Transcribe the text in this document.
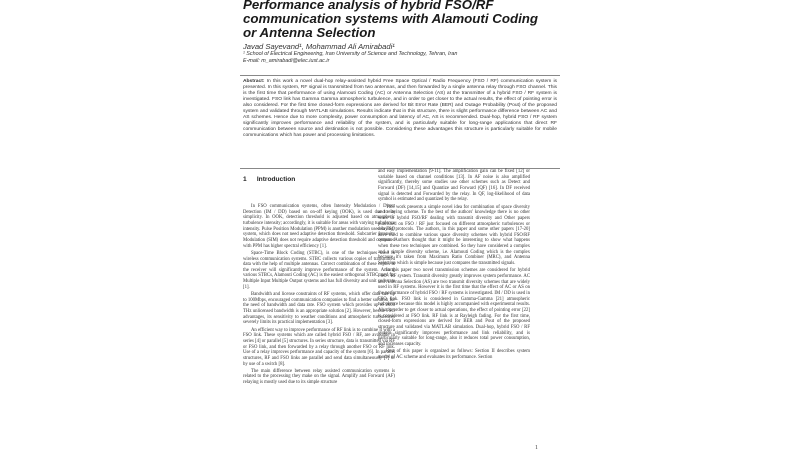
Performance analysis of hybrid FSO/RF communication systems with Alamouti Coding or Antenna Selection
Javad Sayevand¹, Mohammad Ali Amirabadi¹
¹ School of Electrical Engineering, Iran University of Science and Technology, Tehran, Iran
E-mail: m_amirabadi@elec.iust.ac.ir
Abstract: In this work a novel dual-hop relay-assisted hybrid Free Space Optical / Radio Frequency (FSO / RF) communication system is presented. In this system, RF signal is transmitted from two antennas, and then forwarded by a single antenna relay through FSO channel. This is the first time that performance of using Alamouti Coding (AC) or Antenna Selection (AS) at the transmitter of a hybrid FSO / RF system is investigated. FSO link has Gamma Gamma atmospheric turbulence, and in order to get closer to the actual results, the effect of pointing error is also considered. For the first time closed-form expressions are derived for Bit Error Rate (BER) and Outage Probability (Pout) of the proposed system and validated through MATLAB simulations. Results indicate that in this structure, there is slight performance difference between AC and AS schemes. Hence due to more complexity, power consumption and latency of AC, AS is recommended. Dual-hop, hybrid FSO / RF system significantly improves performance and reliability of the system, and is particularly suitable for long-range applications that direct RF communication between source and destination is not possible. Considering these advantages this structure is particularly suitable for mobile communications which has power and processing limitations.
1 Introduction

In FSO communication systems, often Intensity Modulation / Direct Detection (IM / DD) based on on-off keying (OOK), is used due to its simplicity. In OOK, detection threshold is adjusted based on atmospheric turbulence intensity; accordingly, it is suitable for areas with varying turbulence intensity. Pulse Position Modulation (PPM) is another modulation used in FSO system, which does not need adaptive detection threshold. Subcarrier Intensity Modulation (SIM) does not require adaptive detection threshold and compared with PPM has higher spectral efficiency [1].

Space-Time Block Coding (STBC), is one of the techniques used in wireless communication systems. STBC collects various copies of transmitted data with the help of multiple antennas. Correct combination of these copies at the receiver will significantly improve performance of the system. Among various STBCs, Alamouti Coding (AC) is the easiest orthogonal STBC used for Multiple Input Multiple Output systems and has full diversity and unit code rate [1].

Bandwidth and license constraints of RF systems, which offer data rate up to 100Mbps, encouraged communication companies to find a better solution for the need of bandwidth and data rate. FSO system which provides up to 2000 THz unlicensed bandwidth is an appropriate solution [2]. However, beside FSO advantages, its sensitivity to weather conditions and atmospheric turbulences severely limits its practical implementation [3].

An efficient way to improve performance of RF link is to combine it with a FSO link. These systems which are called hybrid FSO / RF, are available in series [4] or parallel [5] structures. In series structure, data is transmitted via RF or FSO link, and then forwarded by a relay through another FSO or RF link. Use of a relay improves performance and capacity of the system [6]. In parallel structures, RF and FSO links are parallel and send data simultaneously [7] or by use of a switch [8].

The main difference between relay assisted communication systems is related to the processing they make on the signal. Amplify and Forward (AF) relaying is mostly used due to its simple structure

and easy implementation [9-11]. The amplification gain can be fixed [12] or variable based on channel conditions [13]. In AF noise is also amplified significantly, thereby some studies use other schemes such as Detect and Forward (DF) [14,15] and Quantize and Forward (QF) [16]. In DF received signal is detected and Forwarded by the relay. In QF, log-likelihood of data symbol is estimated and quantized by the relay.

This work presents a simple novel idea for combination of space diversity and relaying scheme. To the best of the authors' knowledge there is no other work in hybrid FSO/RF dealing with transmit diversity and Other papers published on FSO / RF just focused on different atmospheric turbulences or relaying protocols. The authors, in this paper and some other papers [17-20] have tried to combine various space diversity schemes with hybrid FSO/RF system. Authors thought that it might be interesting to show what happens when these two techniques are combined. So they have considered a complex and a simple diversity scheme, i.e. Alamouti Coding which is the complex because it's taken from Maximum Ratio Combiner (MRC), and Antenna Selection which is simple because just compares the transmitted signals.

In this paper two novel transmission schemes are considered for hybrid FSO / RF system. Transmit diversity greatly improves system performance. AC and Antenna Selection (AS) are two transmit diversity schemes that are widely used in RF systems. However it is the first time that the effect of AC or AS on the performance of hybrid FSO / RF systems is investigated. IM / DD is used in FSO link. FSO link is considered in Gamma-Gamma [21] atmospheric turbulence because this model is highly accompanied with experimental results. Also in order to get closer to actual operations, the effect of pointing error [22] is considered at FSO link. RF link is at Rayleigh fading. For the first time, closed-form expressions are derived for BER and Pout of the proposed structure and validated via MATLAB simulation. Dual-hop, hybrid FSO / RF system significantly improves performance and link reliability, and is particularly suitable for long-range, also it reduces total power consumption, and increases capacity.

Rest of this paper is organized as follows: Section II describes system model of AC scheme and evaluates its performance. Section

1
